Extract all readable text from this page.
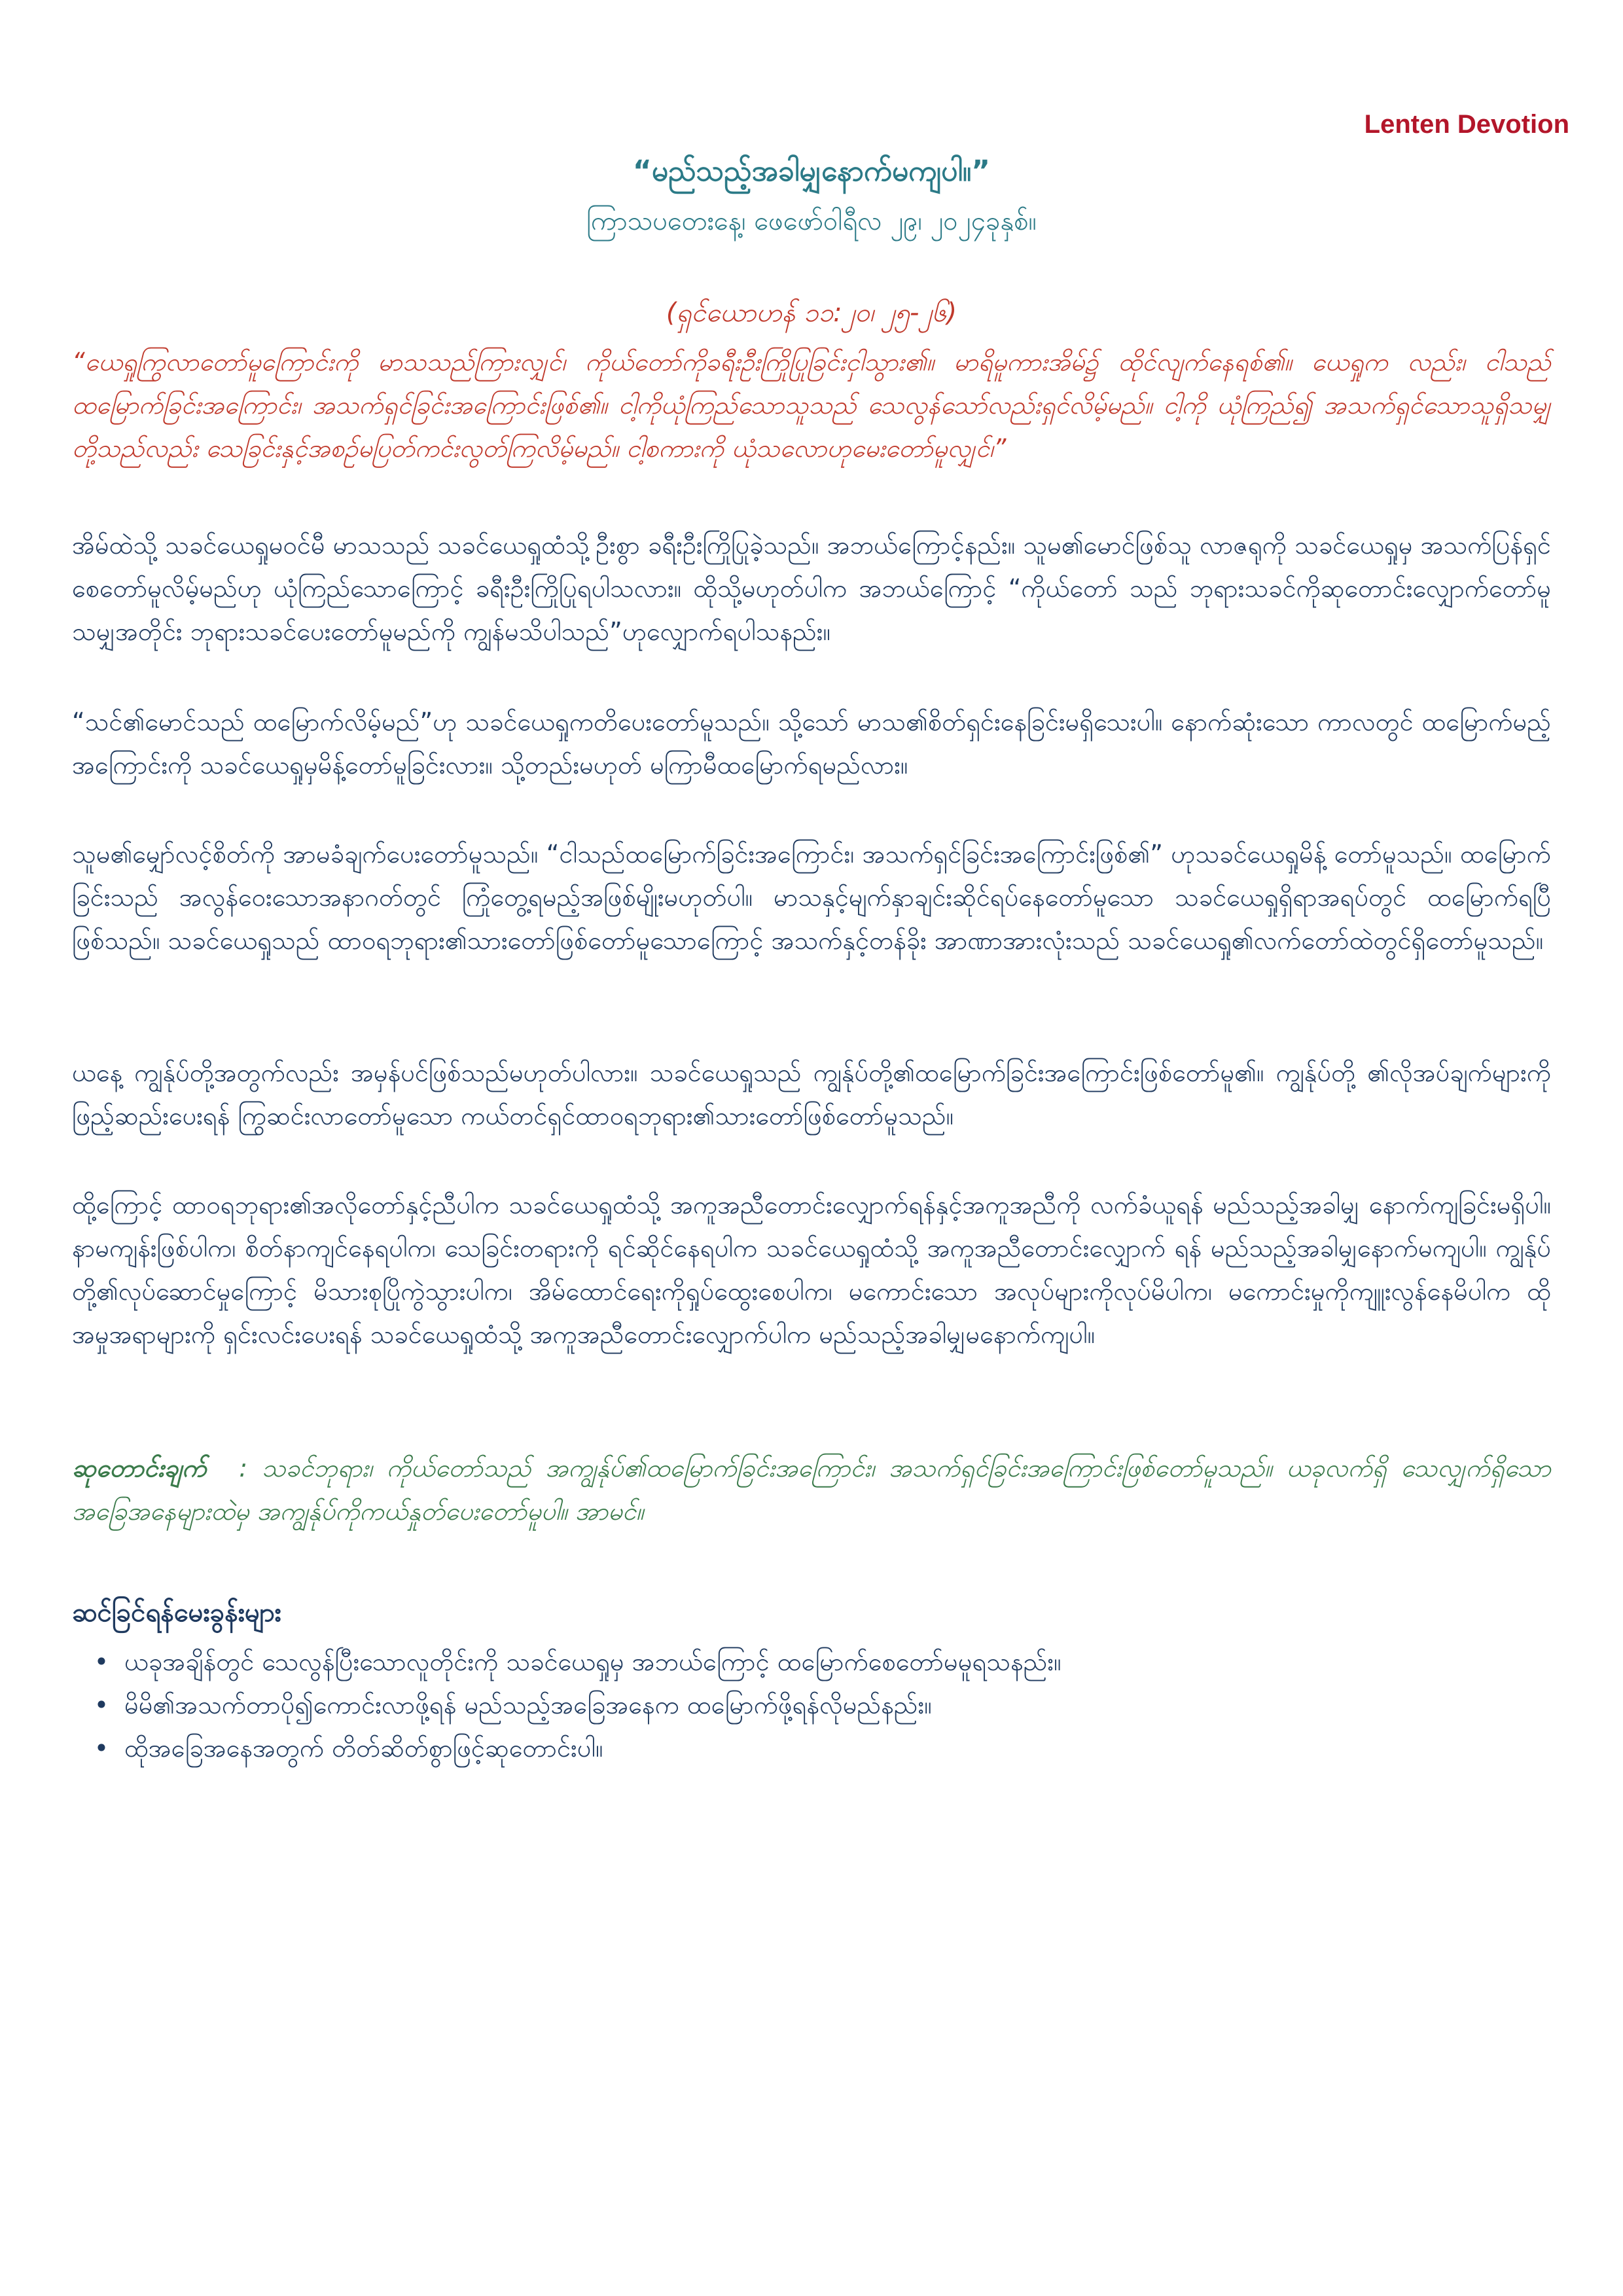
Lenten Devotion
“မည်သည့်အခါမျှနောက်မကျပါ။”
ကြာသပတေးနေ့၊ ဖေဖော်ဝါရီလ ၂၉၊ ၂၀၂၄ခုနှစ်။
(ရှင်ယောဟန် ၁၁:၂၀၊ ၂၅-၂၆)

“ယေရှုကြွလာတော်မူကြောင်းကို မာသသည်ကြားလျှင်၊ ကိုယ်တော်ကိုခရီးဦးကြိုပြုခြင်းငှါသွား၏။ မာရိမူကားအိမ်၌ ထိုင်လျက်နေရစ်၏။ ယေရှုက လည်း၊ ငါသည်ထမြောက်ခြင်းအကြောင်း၊ အသက်ရှင်ခြင်းအကြောင်းဖြစ်၏။ ငါ့ကိုယုံကြည်သောသူသည် သေလွန်သော်လည်းရှင်လိမ့်မည်။ ငါ့ကို ယုံကြည်၍ အသက်ရှင်သောသူရှိသမျှတို့သည်လည်း သေခြင်းနှင့်အစဉ်မပြတ်ကင်းလွတ်ကြလိမ့်မည်။ ငါ့စကားကို ယုံသလောဟုမေးတော်မူလျှင်၊”

အိမ်ထဲသို့ သခင်ယေရှုမဝင်မီ မာသသည် သခင်ယေရှုထံသို့ဦးစွာ ခရီးဦးကြိုပြုခဲ့သည်။ အဘယ်ကြောင့်နည်း။ သူမ၏မောင်ဖြစ်သူ လာဇရုကို သခင်ယေရှုမှ အသက်ပြန်ရှင်စေတော်မူလိမ့်မည်ဟု ယုံကြည်သောကြောင့် ခရီးဦးကြိုပြုရပါသလား။ ထိုသို့မဟုတ်ပါက အဘယ်ကြောင့် “ကိုယ်တော် သည် ဘုရားသခင်ကိုဆုတောင်းလျှောက်တော်မူသမျှအတိုင်း ဘုရားသခင်ပေးတော်မူမည်ကို ကျွန်မသိပါသည်”ဟုလျှောက်ရပါသနည်း။

“သင်၏မောင်သည် ထမြောက်လိမ့်မည်”ဟု သခင်ယေရှုကတိပေးတော်မူသည်။ သို့သော် မာသ၏စိတ်ရှင်းနေခြင်းမရှိသေးပါ။ နောက်ဆုံးသော ကာလတွင် ထမြောက်မည့်အကြောင်းကို သခင်ယေရှုမှမိန့်တော်မူခြင်းလား။ သို့တည်းမဟုတ် မကြာမီထမြောက်ရမည်လား။

သူမ၏မျှော်လင့်စိတ်ကို အာမခံချက်ပေးတော်မူသည်။ “ငါသည်ထမြောက်ခြင်းအကြောင်း၊ အသက်ရှင်ခြင်းအကြောင်းဖြစ်၏” ဟုသခင်ယေရှုမိန့် တော်မူသည်။ ထမြောက်ခြင်းသည် အလွန်ဝေးသောအနာဂတ်တွင် ကြုံတွေ့ရမည့်အဖြစ်မျိုးမဟုတ်ပါ။ မာသနှင့်မျက်နှာချင်းဆိုင်ရပ်နေတော်မူသော သခင်ယေရှုရှိရာအရပ်တွင် ထမြောက်ရပြီဖြစ်သည်။ သခင်ယေရှုသည် ထာဝရဘုရား၏သားတော်ဖြစ်တော်မူသောကြောင့် အသက်နှင့်တန်ခိုး အာဏာအားလုံးသည် သခင်ယေရှု၏လက်တော်ထဲတွင်ရှိတော်မူသည်။

ယနေ့ ကျွန်ုပ်တို့အတွက်လည်း အမှန်ပင်ဖြစ်သည်မဟုတ်ပါလား။ သခင်ယေရှုသည် ကျွန်ုပ်တို့၏ထမြောက်ခြင်းအကြောင်းဖြစ်တော်မူ၏။ ကျွန်ုပ်တို့ ၏လိုအပ်ချက်များကို ဖြည့်ဆည်းပေးရန် ကြွဆင်းလာတော်မူသော ကယ်တင်ရှင်ထာဝရဘုရား၏သားတော်ဖြစ်တော်မူသည်။

ထို့ကြောင့် ထာဝရဘုရား၏အလိုတော်နှင့်ညီပါက သခင်ယေရှုထံသို့ အကူအညီတောင်းလျှောက်ရန်နှင့်အကူအညီကို လက်ခံယူရန် မည်သည့်အခါမျှ နောက်ကျခြင်းမရှိပါ။ နာမကျန်းဖြစ်ပါက၊ စိတ်နာကျင်နေရပါက၊ သေခြင်းတရားကို ရင်ဆိုင်နေရပါက သခင်ယေရှုထံသို့ အကူအညီတောင်းလျှောက် ရန် မည်သည့်အခါမျှနောက်မကျပါ။ ကျွန်ုပ်တို့၏လုပ်ဆောင်မှုကြောင့် မိသားစုပြိုကွဲသွားပါက၊ အိမ်ထောင်ရေးကိုရှုပ်ထွေးစေပါက၊ မကောင်းသော အလုပ်များကိုလုပ်မိပါက၊ မကောင်းမှုကိုကျူးလွန်နေမိပါက ထိုအမှုအရာများကို ရှင်းလင်းပေးရန် သခင်ယေရှုထံသို့ အကူအညီတောင်းလျှောက်ပါက မည်သည့်အခါမျှမနောက်ကျပါ။

ဆုတောင်းချက် : သခင်ဘုရား၊ ကိုယ်တော်သည် အကျွန်ုပ်၏ထမြောက်ခြင်းအကြောင်း၊ အသက်ရှင်ခြင်းအကြောင်းဖြစ်တော်မူသည်။ ယခုလက်ရှိ သေလျှက်ရှိသောအခြေအနေများထဲမှ အကျွန်ုပ်ကိုကယ်နှုတ်ပေးတော်မူပါ။ အာမင်။

ဆင်ခြင်ရန်မေးခွန်းများ
• ယခုအချိန်တွင် သေလွန်ပြီးသောလူတိုင်းကို သခင်ယေရှုမှ အဘယ်ကြောင့် ထမြောက်စေတော်မမူရသနည်း။
• မိမိ၏အသက်တာပို၍ကောင်းလာဖို့ရန် မည်သည့်အခြေအနေက ထမြောက်ဖို့ရန်လိုမည်နည်း။
• ထိုအခြေအနေအတွက် တိတ်ဆိတ်စွာဖြင့်ဆုတောင်းပါ။
